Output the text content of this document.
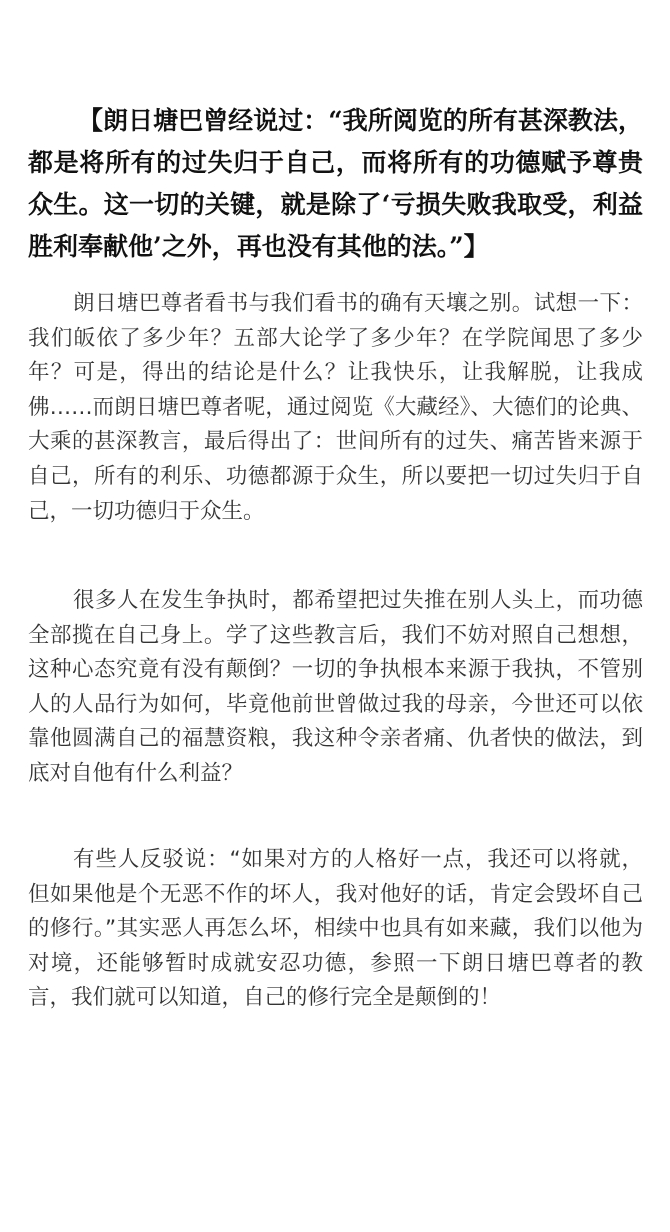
【朗日塘巴曾经说过：“我所阅览的所有甚深教法，都是将所有的过失归于自己，而将所有的功德赋予尊贵众生。这一切的关键，就是除了‘亏损失败我取受，利益胜利奉献他’之外，再也没有其他的法。”】

朗日塘巴尊者看书与我们看书的确有天壤之别。试想一下：我们皈依了多少年？五部大论学了多少年？在学院闻思了多少年？可是，得出的结论是什么？让我快乐，让我解脱，让我成佛……而朗日塘巴尊者呢，通过阅览《大藏经》、大德们的论典、大乘的甚深教言，最后得出了：世间所有的过失、痛苦皆来源于自己，所有的利乐、功德都源于众生，所以要把一切过失归于自己，一切功德归于众生。

很多人在发生争执时，都希望把过失推在别人头上，而功德全部揽在自己身上。学了这些教言后，我们不妨对照自己想想，这种心态究竟有没有颠倒？一切的争执根本来源于我执，不管别人的人品行为如何，毕竟他前世曾做过我的母亲，今世还可以依靠他圆满自己的福慧资粮，我这种令亲者痛、仇者快的做法，到底对自他有什么利益？

有些人反驳说：“如果对方的人格好一点，我还可以将就，但如果他是个无恶不作的坏人，我对他好的话，肯定会毁坏自己的修行。”其实恶人再怎么坏，相续中也具有如来藏，我们以他为对境，还能够暂时成就安忍功德，参照一下朗日塘巴尊者的教言，我们就可以知道，自己的修行完全是颠倒的！
